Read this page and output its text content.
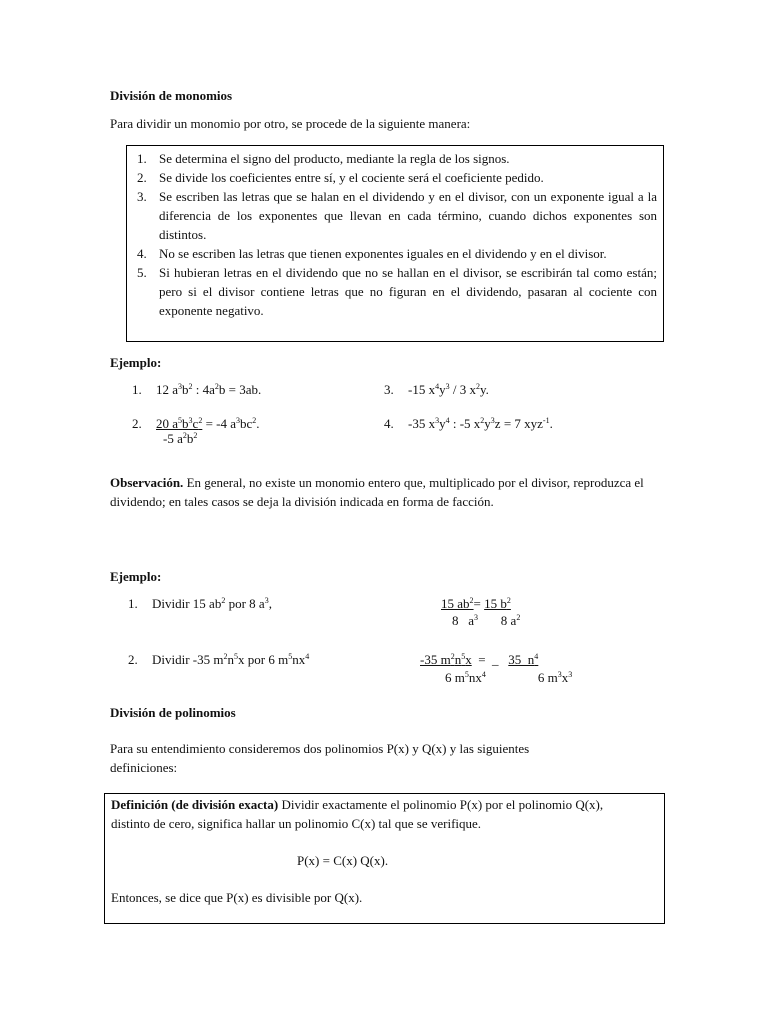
División de monomios

Para dividir un monomio por otro, se procede de la siguiente manera:

1. Se determina el signo del producto, mediante la regla de los signos.
2. Se divide los coeficientes entre sí, y el cociente será el coeficiente pedido.
3. Se escriben las letras que se halan en el dividendo y en el divisor, con un exponente igual a la diferencia de los exponentes que llevan en cada término, cuando dichos exponentes son distintos.
4. No se escriben las letras que tienen exponentes iguales en el dividendo y en el divisor.
5. Si hubieran letras en el dividendo que no se hallan en el divisor, se escribirán tal como están; pero si el divisor contiene letras que no figuran en el dividendo, pasaran al cociente con exponente negativo.
Ejemplo:
1. 12 $a^3b^2$ : $4a^2b = 3ab$.	3. -15 $x^4y^3 / 3$ $x^2y$.
2. 20 $a^5b^3c^2 = -4$ $a^3bc^2$.
-5 $a^2b^2$
4. -35 $x^3y^4$ : -5 $x^2y^3z = 7$ xyz$^{-1}$.

Observación. En general, no existe un monomio entero que, multiplicado por el divisor, reproduzca el dividendo; en tales casos se deja la división indicada en forma de facción.

Ejemplo:
1. Dividir 15 $ab^2$ por 8 $a^3$,	15 $ab^2= 15$ $b^2$
8   $a^3$       8 $a^2$
2. Dividir -35 $m^2n^5x$ por 6 $m^5nx^4$	-35 $m^2n^5x$  =  _   35  $n^4$
6 $m^5nx^4$                6 $m^3x^3$
División de polinomios

Para su entendimiento consideremos dos polinomios P(x) y Q(x) y las siguientes definiciones:

Definición (de división exacta) Dividir exactamente el polinomio P(x) por el polinomio Q(x), distinto de cero, significa hallar un polinomio C(x) tal que se verifique.

P(x) = C(x) Q(x).

Entonces, se dice que P(x) es divisible por Q(x).
